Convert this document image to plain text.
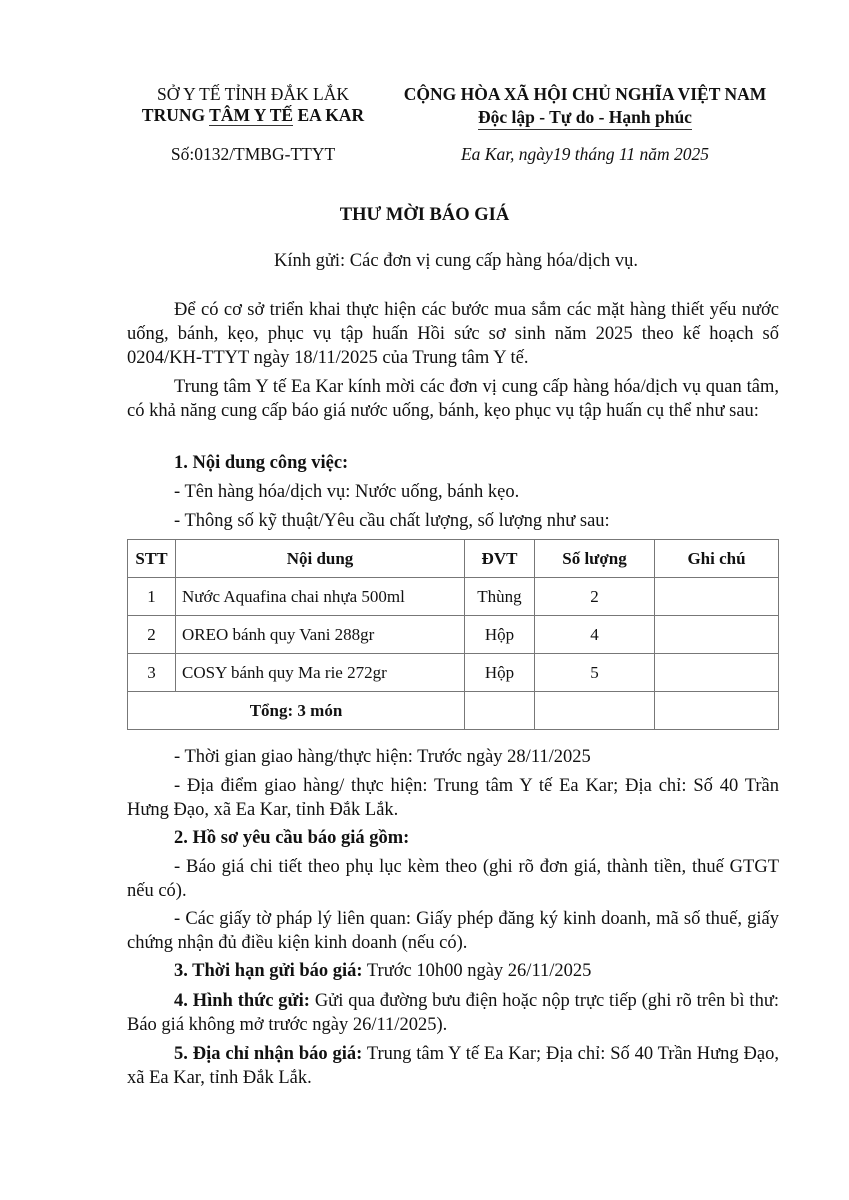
SỞ Y TẾ TỈNH ĐẮK LẮK
TRUNG TÂM Y TẾ EA KAR
Số:0132/TMBG-TTYT
CỘNG HÒA XÃ HỘI CHỦ NGHĨA VIỆT NAM
Độc lập - Tự do - Hạnh phúc
Ea Kar, ngày19 tháng 11 năm 2025
THƯ MỜI BÁO GIÁ
Kính gửi: Các đơn vị cung cấp hàng hóa/dịch vụ.
Để có cơ sở triển khai thực hiện các bước mua sắm các mặt hàng thiết yếu nước uống, bánh, kẹo, phục vụ tập huấn Hồi sức sơ sinh năm 2025 theo kế hoạch số 0204/KH-TTYT ngày 18/11/2025 của Trung tâm Y tế.
Trung tâm Y tế Ea Kar kính mời các đơn vị cung cấp hàng hóa/dịch vụ quan tâm, có khả năng cung cấp báo giá nước uống, bánh, kẹo phục vụ tập huấn cụ thể như sau:
1. Nội dung công việc:
- Tên hàng hóa/dịch vụ: Nước uống, bánh kẹo.
- Thông số kỹ thuật/Yêu cầu chất lượng, số lượng như sau:
STT	Nội dung	ĐVT	Số lượng	Ghi chú
1	Nước Aquafina chai nhựa 500ml	Thùng	2	
2	OREO bánh quy Vani 288gr	Hộp	4	
3	COSY bánh quy Ma rie 272gr	Hộp	5	
Tổng: 3 món				
- Thời gian giao hàng/thực hiện: Trước ngày 28/11/2025
- Địa điểm giao hàng/ thực hiện: Trung tâm Y tế Ea Kar; Địa chỉ: Số 40 Trần Hưng Đạo, xã Ea Kar, tỉnh Đắk Lắk.
2. Hồ sơ yêu cầu báo giá gồm:
- Báo giá chi tiết theo phụ lục kèm theo (ghi rõ đơn giá, thành tiền, thuế GTGT nếu có).
- Các giấy tờ pháp lý liên quan: Giấy phép đăng ký kinh doanh, mã số thuế, giấy chứng nhận đủ điều kiện kinh doanh (nếu có).
3. Thời hạn gửi báo giá: Trước 10h00 ngày 26/11/2025
4. Hình thức gửi: Gửi qua đường bưu điện hoặc nộp trực tiếp (ghi rõ trên bì thư: Báo giá không mở trước ngày 26/11/2025).
5. Địa chỉ nhận báo giá: Trung tâm Y tế Ea Kar; Địa chỉ: Số 40 Trần Hưng Đạo, xã Ea Kar, tỉnh Đắk Lắk.
